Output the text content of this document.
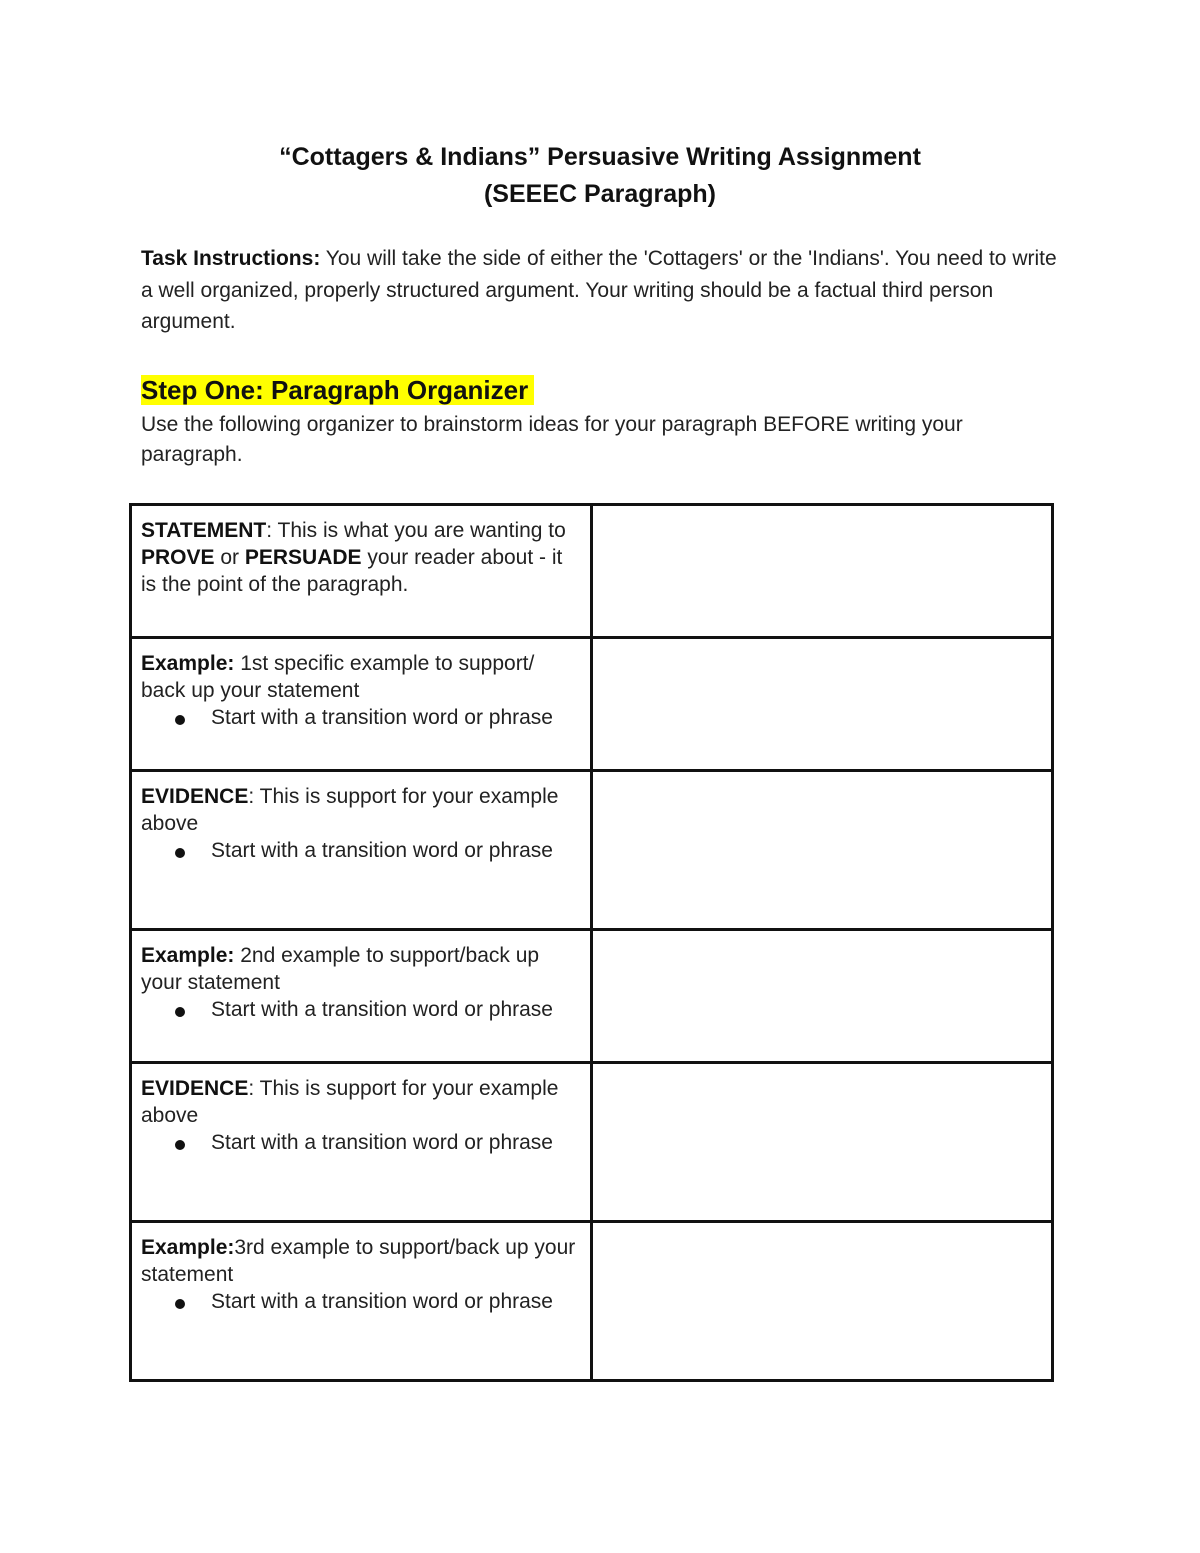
“Cottagers & Indians” Persuasive Writing Assignment
(SEEEC Paragraph)
Task Instructions: You will take the side of either the 'Cottagers' or the 'Indians'. You need to write a well organized, properly structured argument. Your writing should be a factual third person argument.
Step One: Paragraph Organizer
Use the following organizer to brainstorm ideas for your paragraph BEFORE writing your paragraph.
STATEMENT: This is what you are wanting to PROVE or PERSUADE your reader about - it is the point of the paragraph.	
Example: 1st specific example to support/ back up your statement
Start with a transition word or phrase	

EVIDENCE: This is support for your example above
Start with a transition word or phrase	

Example: 2nd example to support/back up your statement
Start with a transition word or phrase	

EVIDENCE: This is support for your example above
Start with a transition word or phrase	

Example:3rd example to support/back up your statement
Start with a transition word or phrase	
